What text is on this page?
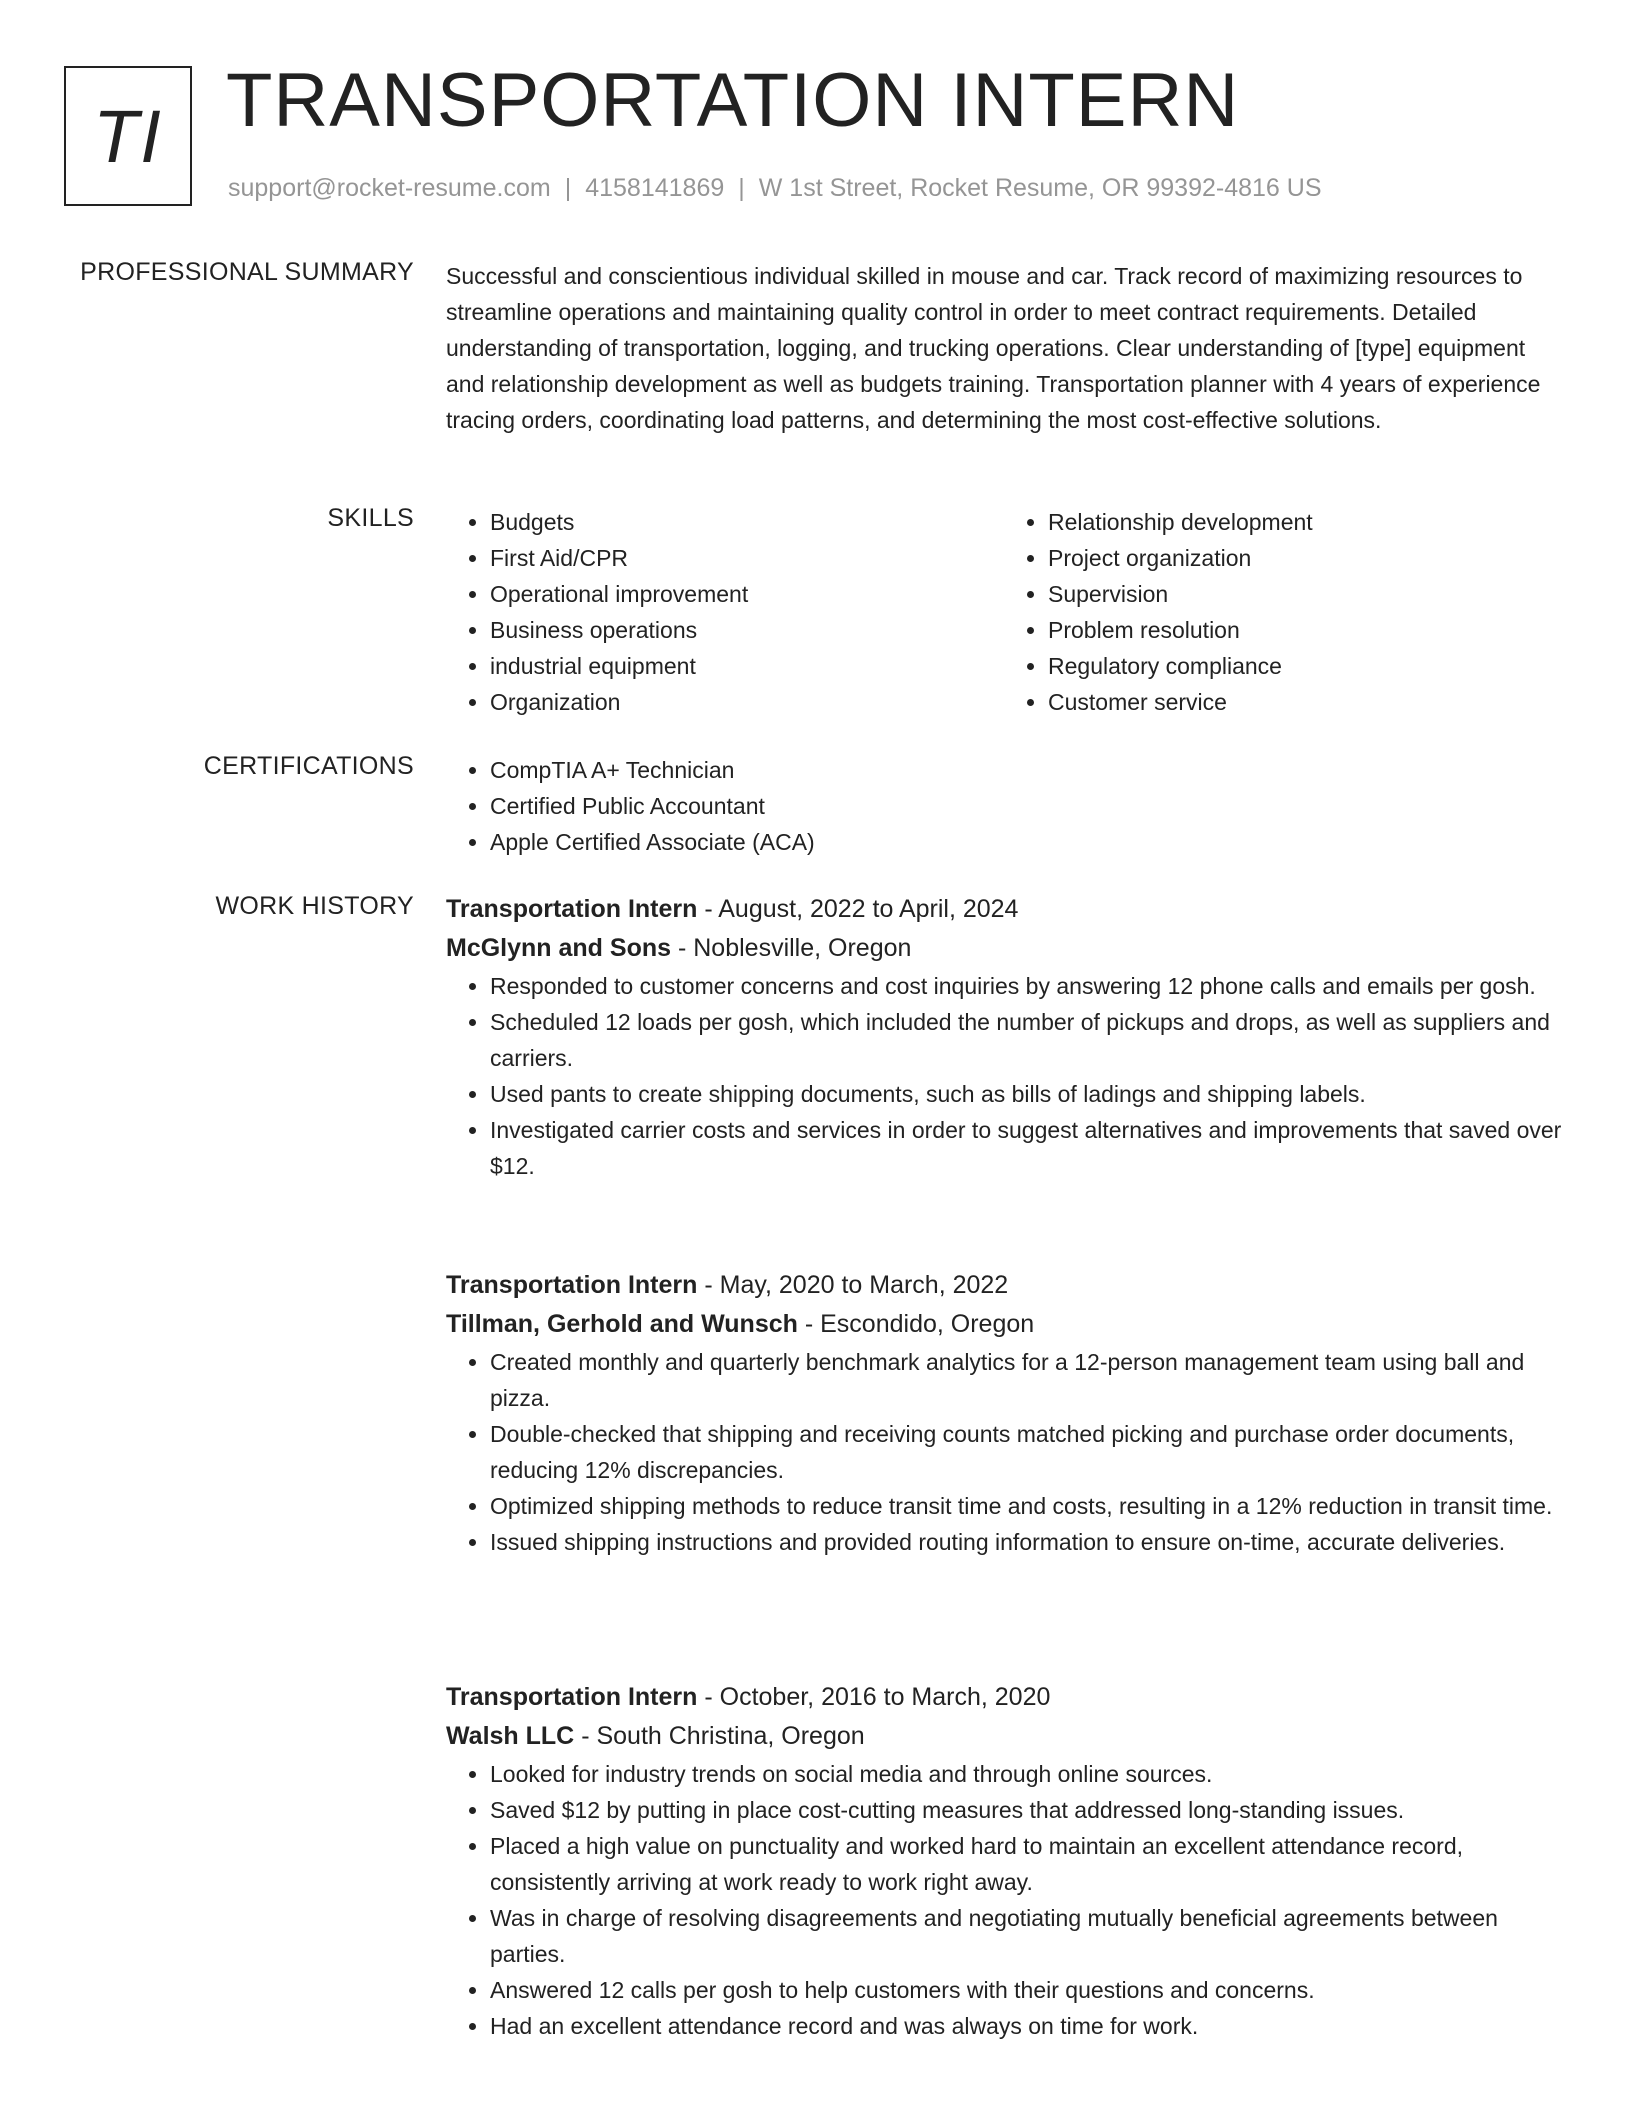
TI TRANSPORTATION INTERN
support@rocket-resume.com | 4158141869 | W 1st Street, Rocket Resume, OR 99392-4816 US
PROFESSIONAL SUMMARY Successful and conscientious individual skilled in mouse and car. Track record of maximizing resources to streamline operations and maintaining quality control in order to meet contract requirements. Detailed understanding of transportation, logging, and trucking operations. Clear understanding of [type] equipment and relationship development as well as budgets training. Transportation planner with 4 years of experience tracing orders, coordinating load patterns, and determining the most cost-effective solutions.
SKILLS	• Budgets
• First Aid/CPR
• Operational improvement
• Business operations
• industrial equipment
• Organization
• Relationship development
• Project organization
• Supervision
• Problem resolution
• Regulatory compliance
• Customer service
CERTIFICATIONS	• CompTIA A+ Technician
• Certified Public Accountant
• Apple Certified Associate (ACA)
WORK HISTORY Transportation Intern - August, 2022 to April, 2024
McGlynn and Sons - Noblesville, Oregon
• Responded to customer concerns and cost inquiries by answering 12 phone calls and emails per gosh.
• Scheduled 12 loads per gosh, which included the number of pickups and drops, as well as suppliers and carriers.
• Used pants to create shipping documents, such as bills of ladings and shipping labels.
• Investigated carrier costs and services in order to suggest alternatives and improvements that saved over $12.
Transportation Intern - May, 2020 to March, 2022
Tillman, Gerhold and Wunsch - Escondido, Oregon
• Created monthly and quarterly benchmark analytics for a 12-person management team using ball and pizza.
• Double-checked that shipping and receiving counts matched picking and purchase order documents, reducing 12% discrepancies.
• Optimized shipping methods to reduce transit time and costs, resulting in a 12% reduction in transit time.
• Issued shipping instructions and provided routing information to ensure on-time, accurate deliveries.
Transportation Intern - October, 2016 to March, 2020
Walsh LLC - South Christina, Oregon
• Looked for industry trends on social media and through online sources.
• Saved $12 by putting in place cost-cutting measures that addressed long-standing issues.
• Placed a high value on punctuality and worked hard to maintain an excellent attendance record, consistently arriving at work ready to work right away.
• Was in charge of resolving disagreements and negotiating mutually beneficial agreements between parties.
• Answered 12 calls per gosh to help customers with their questions and concerns.
• Had an excellent attendance record and was always on time for work.
